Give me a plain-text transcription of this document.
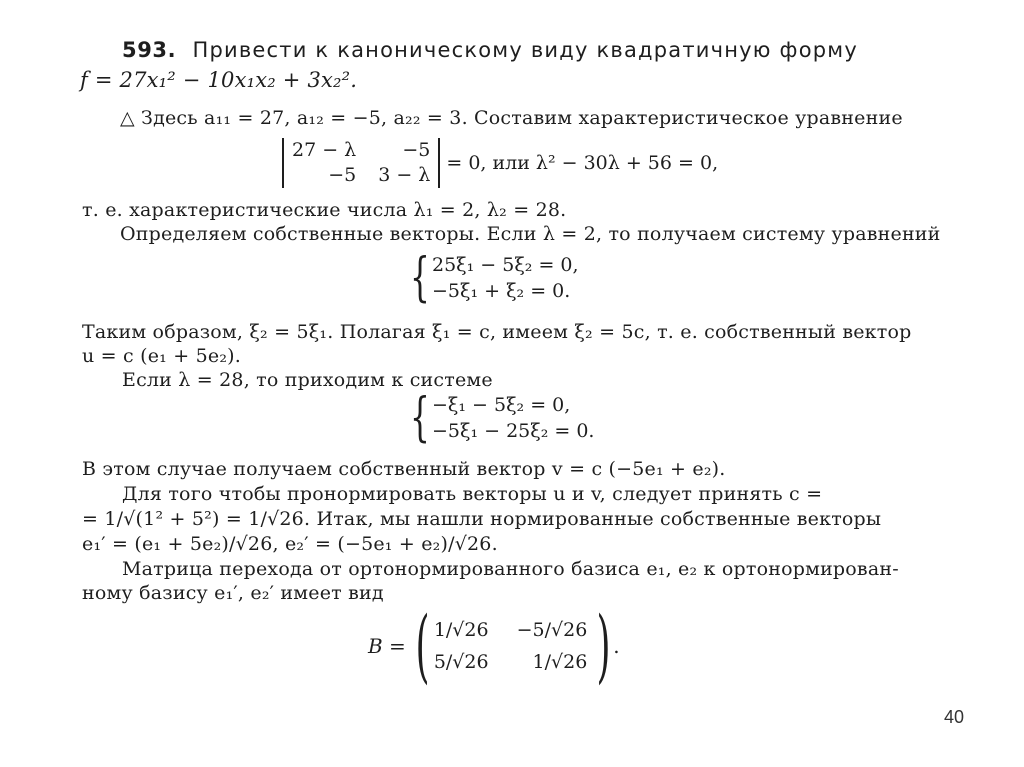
593. Привести к каноническому виду квадратичную форму
f = 27x₁² − 10x₁x₂ + 3x₂².
△ Здесь a₁₁ = 27, a₁₂ = −5, a₂₂ = 3. Составим характеристическое уравнение
27 − λ	−5
−5 3 − λ
= 0, или λ² − 30λ + 56 = 0,
т. е. характеристические числа λ₁ = 2, λ₂ = 28.
Определяем собственные векторы. Если λ = 2, то получаем систему уравнений
{ 25ξ₁ − 5ξ₂ = 0,
−5ξ₁ + ξ₂ = 0.
Таким образом, ξ₂ = 5ξ₁. Полагая ξ₁ = c, имеем ξ₂ = 5c, т. е. собственный вектор
u = c (e₁ + 5e₂).
Если λ = 28, то приходим к системе
{ −ξ₁ − 5ξ₂ = 0,
−5ξ₁ − 25ξ₂ = 0.
В этом случае получаем собственный вектор v = c (−5e₁ + e₂).
Для того чтобы пронормировать векторы u и v, следует принять c =
= 1/√(1² + 5²) = 1/√26. Итак, мы нашли нормированные собственные векторы
e₁′ = (e₁ + 5e₂)/√26, e₂′ = (−5e₁ + e₂)/√26.
Матрица перехода от ортонормированного базиса e₁, e₂ к ортонормирован-
ному базису e₁′, e₂′ имеет вид
B = ( 1/√26 −5/√26
5/√26	1/√26 ) .
40
